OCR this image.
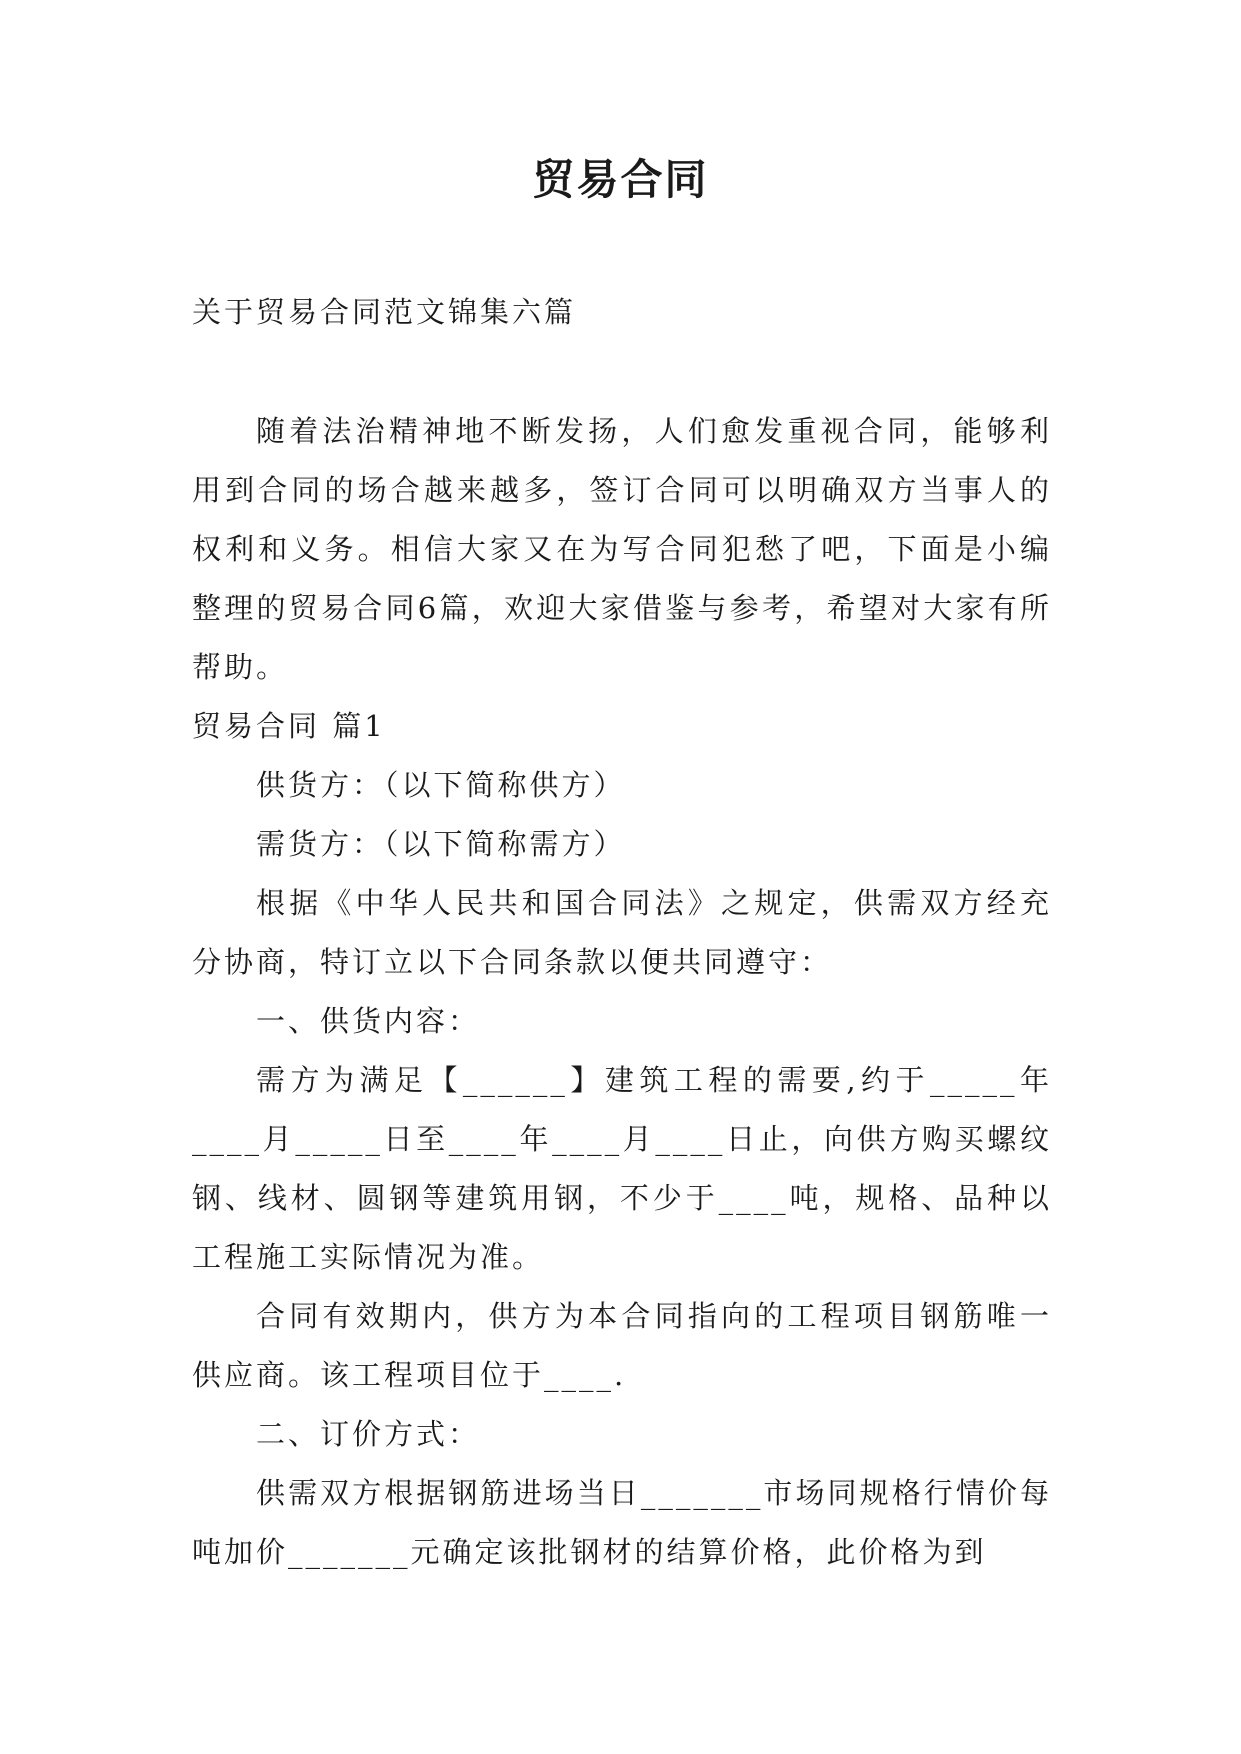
贸易合同
关于贸易合同范文锦集六篇

随着法治精神地不断发扬，人们愈发重视合同，能够利用到合同的场合越来越多，签订合同可以明确双方当事人的权利和义务。相信大家又在为写合同犯愁了吧，下面是小编整理的贸易合同6篇，欢迎大家借鉴与参考，希望对大家有所帮助。

贸易合同 篇1

供货方：（以下简称供方）

需货方：（以下简称需方）

根据《中华人民共和国合同法》之规定，供需双方经充分协商，特订立以下合同条款以便共同遵守：

一、供货内容：

需方为满足【______】建筑工程的需要,约于_____年____月_____日至____年____月____日止，向供方购买螺纹钢、线材、圆钢等建筑用钢，不少于____吨，规格、品种以工程施工实际情况为准。

合同有效期内，供方为本合同指向的工程项目钢筋唯一供应商。该工程项目位于____.

二、订价方式：

供需双方根据钢筋进场当日_______市场同规格行情价每吨加价_______元确定该批钢材的结算价格，此价格为到
